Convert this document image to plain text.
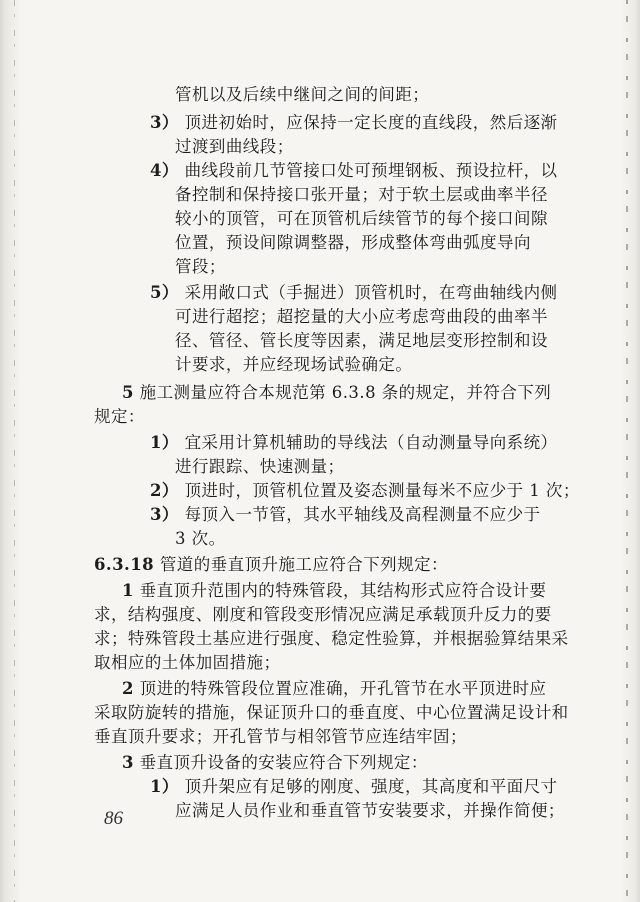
管机以及后续中继间之间的间距；
3） 顶进初始时，应保持一定长度的直线段，然后逐渐
过渡到曲线段；
4） 曲线段前几节管接口处可预埋钢板、预设拉杆，以
备控制和保持接口张开量；对于软土层或曲率半径
较小的顶管，可在顶管机后续管节的每个接口间隙
位置，预设间隙调整器，形成整体弯曲弧度导向
管段；
5） 采用敞口式（手掘进）顶管机时，在弯曲轴线内侧
可进行超挖；超挖量的大小应考虑弯曲段的曲率半
径、管径、管长度等因素，满足地层变形控制和设
计要求，并应经现场试验确定。
5 施工测量应符合本规范第 6.3.8 条的规定，并符合下列
规定：
1） 宜采用计算机辅助的导线法（自动测量导向系统）
进行跟踪、快速测量；
2） 顶进时，顶管机位置及姿态测量每米不应少于 1 次；
3） 每顶入一节管，其水平轴线及高程测量不应少于
3 次。
6.3.18 管道的垂直顶升施工应符合下列规定：
1 垂直顶升范围内的特殊管段，其结构形式应符合设计要
求，结构强度、刚度和管段变形情况应满足承载顶升反力的要
求；特殊管段土基应进行强度、稳定性验算，并根据验算结果采
取相应的土体加固措施；
2 顶进的特殊管段位置应准确，开孔管节在水平顶进时应
采取防旋转的措施，保证顶升口的垂直度、中心位置满足设计和
垂直顶升要求；开孔管节与相邻管节应连结牢固；
3 垂直顶升设备的安装应符合下列规定：
1） 顶升架应有足够的刚度、强度，其高度和平面尺寸
应满足人员作业和垂直管节安装要求，并操作简便；
86
